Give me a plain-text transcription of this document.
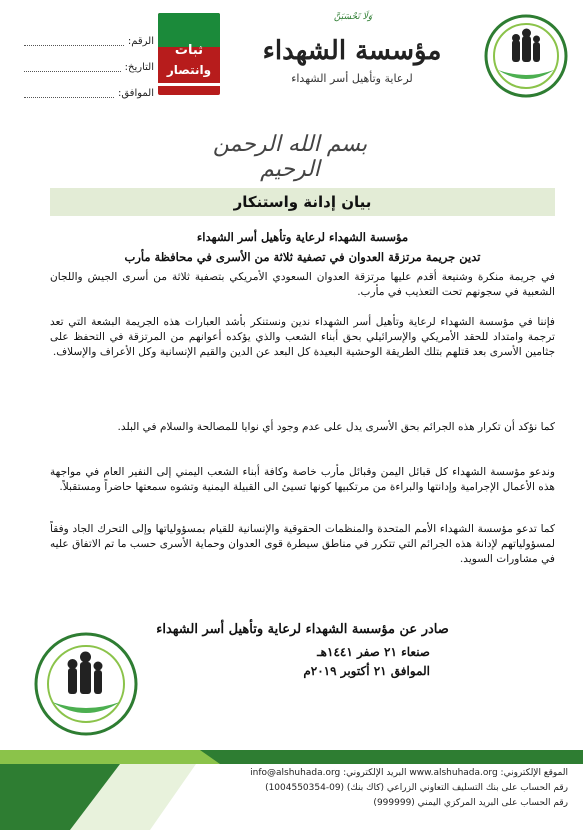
وَلَا تَحْسَبَنَّ
مؤسسة الشهداء
لرعاية وتأهيل أسر الشهداء
ثبات
وانتصار
الرقم:
التاريخ:
الموافق:
بسم الله الرحمن الرحيم
بيان إدانة واستنكار
مؤسسة الشهداء لرعاية وتأهيل أسر الشهداء
تدين جريمة مرتزقة العدوان في تصفية ثلاثة من الأسرى في محافظة مأرب
في جريمة منكرة وشنيعة أقدم عليها مرتزقة العدوان السعودي الأمريكي بتصفية ثلاثة من أسرى الجيش واللجان الشعبية في سجونهم تحت التعذيب في مأرب.
فإننا في مؤسسة الشهداء لرعاية وتأهيل أسر الشهداء ندين ونستنكر بأشد العبارات هذه الجريمة البشعة التي تعد ترجمة وامتداد للحقد الأمريكي والإسرائيلي بحق أبناء الشعب والذي يؤكده أعوانهم من المرتزقة في التحفظ على جثامين الأسرى بعد قتلهم بتلك الطريقة الوحشية البعيدة كل البعد عن الدين والقيم الإنسانية وكل الأعراف والإسلاف.
كما نؤكد أن تكرار هذه الجرائم بحق الأسرى يدل على عدم وجود أي نوايا للمصالحة والسلام في البلد.
وندعو مؤسسة الشهداء كل قبائل اليمن وقبائل مأرب خاصة وكافة أبناء الشعب اليمني إلى النفير العام في مواجهة هذه الأعمال الإجرامية وإدانتها والبراءة من مرتكبيها كونها تسيئ الى القبيلة اليمنية وتشوه سمعتها حاضراً ومستقبلاً.
كما تدعو مؤسسة الشهداء الأمم المتحدة والمنظمات الحقوقية والإنسانية للقيام بمسؤولياتها وإلى التحرك الجاد وفقاً لمسؤولياتهم لإدانة هذه الجرائم التي تتكرر في مناطق سيطرة قوى العدوان وحماية الأسرى حسب ما تم الاتفاق عليه في مشاورات السويد.
صادر عن مؤسسة الشهداء لرعاية وتأهيل أسر الشهداء
صنعاء ٢١ صفر ١٤٤١هـ
الموافق ٢١ أكتوبر ٢٠١٩م
الموقع الإلكتروني: www.alshuhada.org البريد الإلكتروني: info@alshuhada.org
رقم الحساب على بنك التسليف التعاوني الزراعي (كاك بنك) (09-1004550354)
رقم الحساب على البريد المركزي اليمني (999999)
